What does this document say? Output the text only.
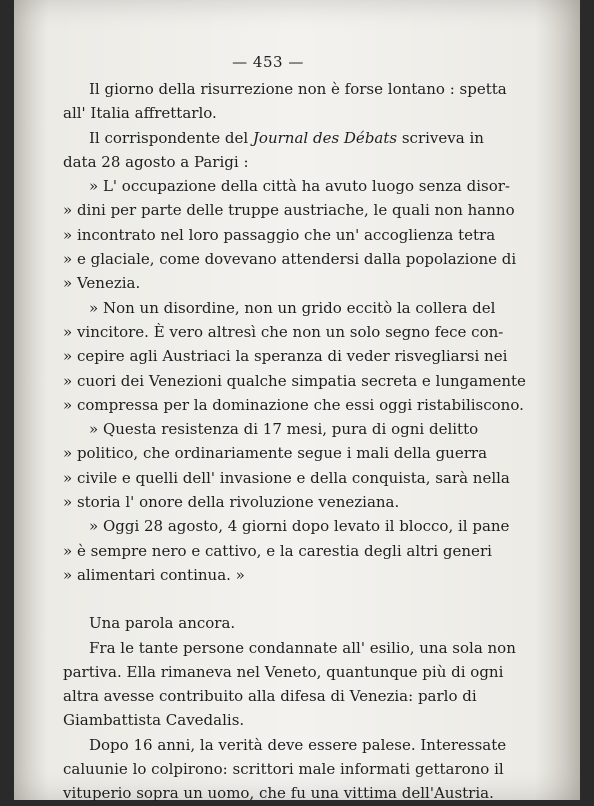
— 453 —
Il giorno della risurrezione non è forse lontano : spetta
all' Italia affrettarlo.
Il corrispondente del Journal des Débats scriveva in
data 28 agosto a Parigi :
» L' occupazione della città ha avuto luogo senza disor-
» dini per parte delle truppe austriache, le quali non hanno
» incontrato nel loro passaggio che un' accoglienza tetra
» e glaciale, come dovevano attendersi dalla popolazione di
» Venezia.
» Non un disordine, non un grido eccitò la collera del
» vincitore. È vero altresì che non un solo segno fece con-
» cepire agli Austriaci la speranza di veder risvegliarsi nei
» cuori dei Venezioni qualche simpatia secreta e lungamente
» compressa per la dominazione che essi oggi ristabiliscono.
» Questa resistenza di 17 mesi, pura di ogni delitto
» politico, che ordinariamente segue i mali della guerra
» civile e quelli dell' invasione e della conquista, sarà nella
» storia l' onore della rivoluzione veneziana.
» Oggi 28 agosto, 4 giorni dopo levato il blocco, il pane
» è sempre nero e cattivo, e la carestia degli altri generi
» alimentari continua. »
Una parola ancora.
Fra le tante persone condannate all' esilio, una sola non
partiva. Ella rimaneva nel Veneto, quantunque più di ogni
altra avesse contribuito alla difesa di Venezia: parlo di
Giambattista Cavedalis.
Dopo 16 anni, la verità deve essere palese. Interessate
caluunie lo colpirono: scrittori male informati gettarono il
vituperio sopra un uomo, che fu una vittima dell'Austria.
